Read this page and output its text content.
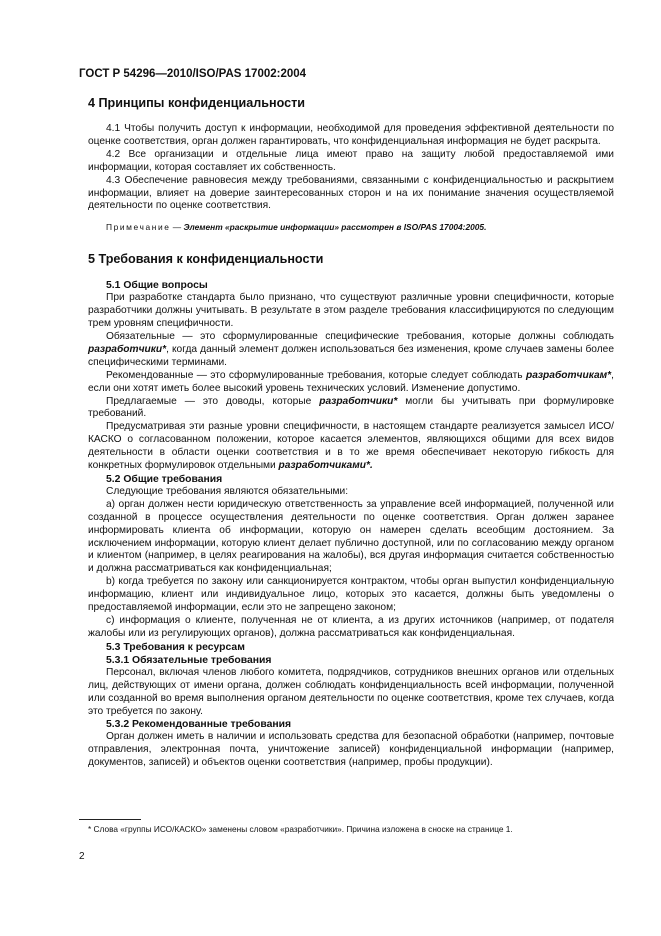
ГОСТ Р 54296—2010/ISO/PAS 17002:2004
4 Принципы конфиденциальности

4.1 Чтобы получить доступ к информации, необходимой для проведения эффективной деятельности по оценке соответствия, орган должен гарантировать, что конфиденциальная информация не будет раскрыта.

4.2 Все организации и отдельные лица имеют право на защиту любой предоставляемой ими информации, которая составляет их собственность.

4.3 Обеспечение равновесия между требованиями, связанными с конфиденциальностью и раскрытием информации, влияет на доверие заинтересованных сторон и на их понимание значения осуществляемой деятельности по оценке соответствия.

Примечание — Элемент «раскрытие информации» рассмотрен в ISO/PAS 17004:2005.
5 Требования к конфиденциальности
5.1 Общие вопросы

При разработке стандарта было признано, что существуют различные уровни специфичности, которые разработчики должны учитывать. В результате в этом разделе требования классифицируются по следующим трем уровням специфичности.

Обязательные — это сформулированные специфические требования, которые должны соблюдать разработчики*, когда данный элемент должен использоваться без изменения, кроме случаев замены более специфическими терминами.

Рекомендованные — это сформулированные требования, которые следует соблюдать разработчикам*, если они хотят иметь более высокий уровень технических условий. Изменение допустимо.

Предлагаемые — это доводы, которые разработчики* могли бы учитывать при формулировке требований.

Предусматривая эти разные уровни специфичности, в настоящем стандарте реализуется замысел ИСО/КАСКО о согласованном положении, которое касается элементов, являющихся общими для всех видов деятельности в области оценки соответствия и в то же время обеспечивает некоторую гибкость для конкретных формулировок отдельными разработчиками*.

5.2 Общие требования

Следующие требования являются обязательными:

a) орган должен нести юридическую ответственность за управление всей информацией, полученной или созданной в процессе осуществления деятельности по оценке соответствия. Орган должен заранее информировать клиента об информации, которую он намерен сделать всеобщим достоянием. За исключением информации, которую клиент делает публично доступной, или по согласованию между органом и клиентом (например, в целях реагирования на жалобы), вся другая информация считается собственностью и должна рассматриваться как конфиденциальная;

b) когда требуется по закону или санкционируется контрактом, чтобы орган выпустил конфиденциальную информацию, клиент или индивидуальное лицо, которых это касается, должны быть уведомлены о предоставляемой информации, если это не запрещено законом;

c) информация о клиенте, полученная не от клиента, а из других источников (например, от подателя жалобы или из регулирующих органов), должна рассматриваться как конфиденциальная.

5.3 Требования к ресурсам
5.3.1 Обязательные требования

Персонал, включая членов любого комитета, подрядчиков, сотрудников внешних органов или отдельных лиц, действующих от имени органа, должен соблюдать конфиденциальность всей информации, полученной или созданной во время выполнения органом деятельности по оценке соответствия, кроме тех случаев, когда это требуется по закону.

5.3.2 Рекомендованные требования

Орган должен иметь в наличии и использовать средства для безопасной обработки (например, почтовые отправления, электронная почта, уничтожение записей) конфиденциальной информации (например, документов, записей) и объектов оценки соответствия (например, пробы продукции).

* Слова «группы ИСО/КАСКО» заменены словом «разработчики». Причина изложена в сноске на странице 1.
2
